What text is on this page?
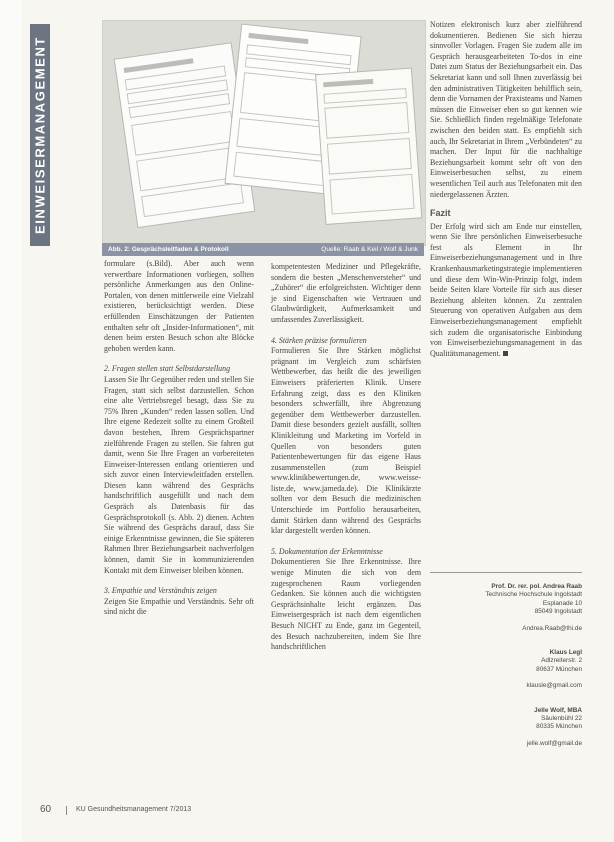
EINWEISERMANAGEMENT
Abb. 2: Gesprächsleitfaden & Protokoll	Quelle: Raab & Keil / Wolf & Junk

formulare (s.Bild). Aber auch wenn verwertbare Informationen vorliegen, sollten persönliche Anmerkungen aus den Online-Portalen, von denen mittlerweile eine Vielzahl existieren, berücksichtigt werden. Diese erfüllenden Einschätzungen der Patienten enthalten sehr oft „Insider-Informationen“, mit denen beim ersten Besuch schon alte Blöcke gehoben werden kann.

2. Fragen stellen statt Selbstdarstellung

Lassen Sie Ihr Gegenüber reden und stellen Sie Fragen, statt sich selbst darzustellen. Schon eine alte Vertriebsregel besagt, dass Sie zu 75% Ihren „Kunden“ reden lassen sollen. Und Ihre eigene Redezeit sollte zu einem Großteil davon bestehen, Ihrem Gesprächspartner zielführende Fragen zu stellen. Sie fahren gut damit, wenn Sie Ihre Fragen an vorbereiteten Einweiser-Interessen entlang orientieren und sich zuvor einen Interviewleitfaden erstellen. Diesen kann während des Gesprächs handschriftlich ausgefüllt und nach dem Gespräch als Datenbasis für das Gesprächsprotokoll (s. Abb. 2) dienen. Achten Sie während des Gesprächs darauf, dass Sie einige Erkenntnisse gewinnen, die Sie späteren Rahmen Ihrer Beziehungsarbeit nachverfolgen können, damit Sie in kommunizierenden Kontakt mit dem Einweiser bleiben können.

3. Empathie und Verständnis zeigen

Zeigen Sie Empathie und Verständnis. Sehr oft sind nicht die

kompetentesten Mediziner und Pflegekräfte, sondern die besten „Menschenversteher“ und „Zuhörer“ die erfolgreichsten. Wichtiger denn je sind Eigenschaften wie Vertrauen und Glaubwürdigkeit, Aufmerksamkeit und umfassendes Zuverlässigkeit.

4. Stärken präzise formulieren

Formulieren Sie Ihre Stärken möglichst prägnant im Vergleich zum schärfsten Wettbewerber, das heißt die des jeweiligen Einweisers präferierten Klinik. Unsere Erfahrung zeigt, dass es den Kliniken besonders schwerfällt, ihre Abgrenzung gegenüber dem Wettbewerber darzustellen. Damit diese besonders gezielt ausfällt, sollten Klinikleitung und Marketing im Vorfeld in Quellen von besonders guten Patientenbewertungen für das eigene Haus zusammenstellen (zum Beispiel www.klinikbewertungen.de, www.weisse-liste.de, www.jameda.de). Die Klinikärzte sollten vor dem Besuch die medizinischen Unterschiede im Portfolio herausarbeiten, damit Stärken dann während des Gesprächs klar dargestellt werden können.

5. Dokumentation der Erkenntnisse

Dokumentieren Sie Ihre Erkenntnisse. Ihre wenige Minuten die sich von dem zugesprochenen Raum vorliegenden Gedanken. Sie können auch die wichtigsten Gesprächsinhalte leicht ergänzen. Das Einweisergespräch ist nach dem eigentlichen Besuch NICHT zu Ende, ganz im Gegenteil, des Besuch nachzubereiten, indem Sie Ihre handschriftlichen

Notizen elektronisch kurz aber zielführend dokumentieren. Bedienen Sie sich hierzu sinnvoller Vorlagen. Fragen Sie zudem alle im Gespräch herausgearbeiteten To-dos in eine Datei zum Status der Beziehungsarbeit ein. Das Sekretariat kann und soll Ihnen zuverlässig bei den administrativen Tätigkeiten behilflich sein, denn die Vornamen der Praxisteams und Namen müssen die Einweiser eben so gut kennen wie Sie. Schließlich finden regelmäßige Telefonate zwischen den beiden statt. Es empfiehlt sich auch, Ihr Sekretariat in Ihrem „Verbündeten“ zu machen. Der Input für die nachhaltige Beziehungsarbeit kommt sehr oft von den Einweiserbesuchen selbst, zu einem wesentlichen Teil auch aus Telefonaten mit den niedergelassenen Ärzten.

Fazit

Der Erfolg wird sich am Ende nur einstellen, wenn Sie Ihre persönlichen Einweiserbesuche fest als Element in Ihr Einweiserbeziehungsmanagement und in Ihre Krankenhausmarketingstrategie implementieren und diese dem Win-Win-Prinzip folgt, indem beide Seiten klare Vorteile für sich aus dieser Beziehung ableiten können. Zu zentralen Steuerung von operativen Aufgaben aus dem Einweiserbeziehungsmanagement empfiehlt sich zudem die organisatorische Einbindung von Einweiserbeziehungsmanagement in das Qualitätsmanagement.

Prof. Dr. rer. pol. Andrea Raab
Technische Hochschule Ingolstadt
Esplanade 10
85049 Ingolstadt
Andrea.Raab@thi.de
Klaus Legl
Adlzreiterstr. 2
80637 München
klausle@gmail.com
Jelle Wolf, MBA
Säulenbühl 22
80335 München
jelle.wolf@gmail.de
60	KU Gesundheitsmanagement 7/2013
